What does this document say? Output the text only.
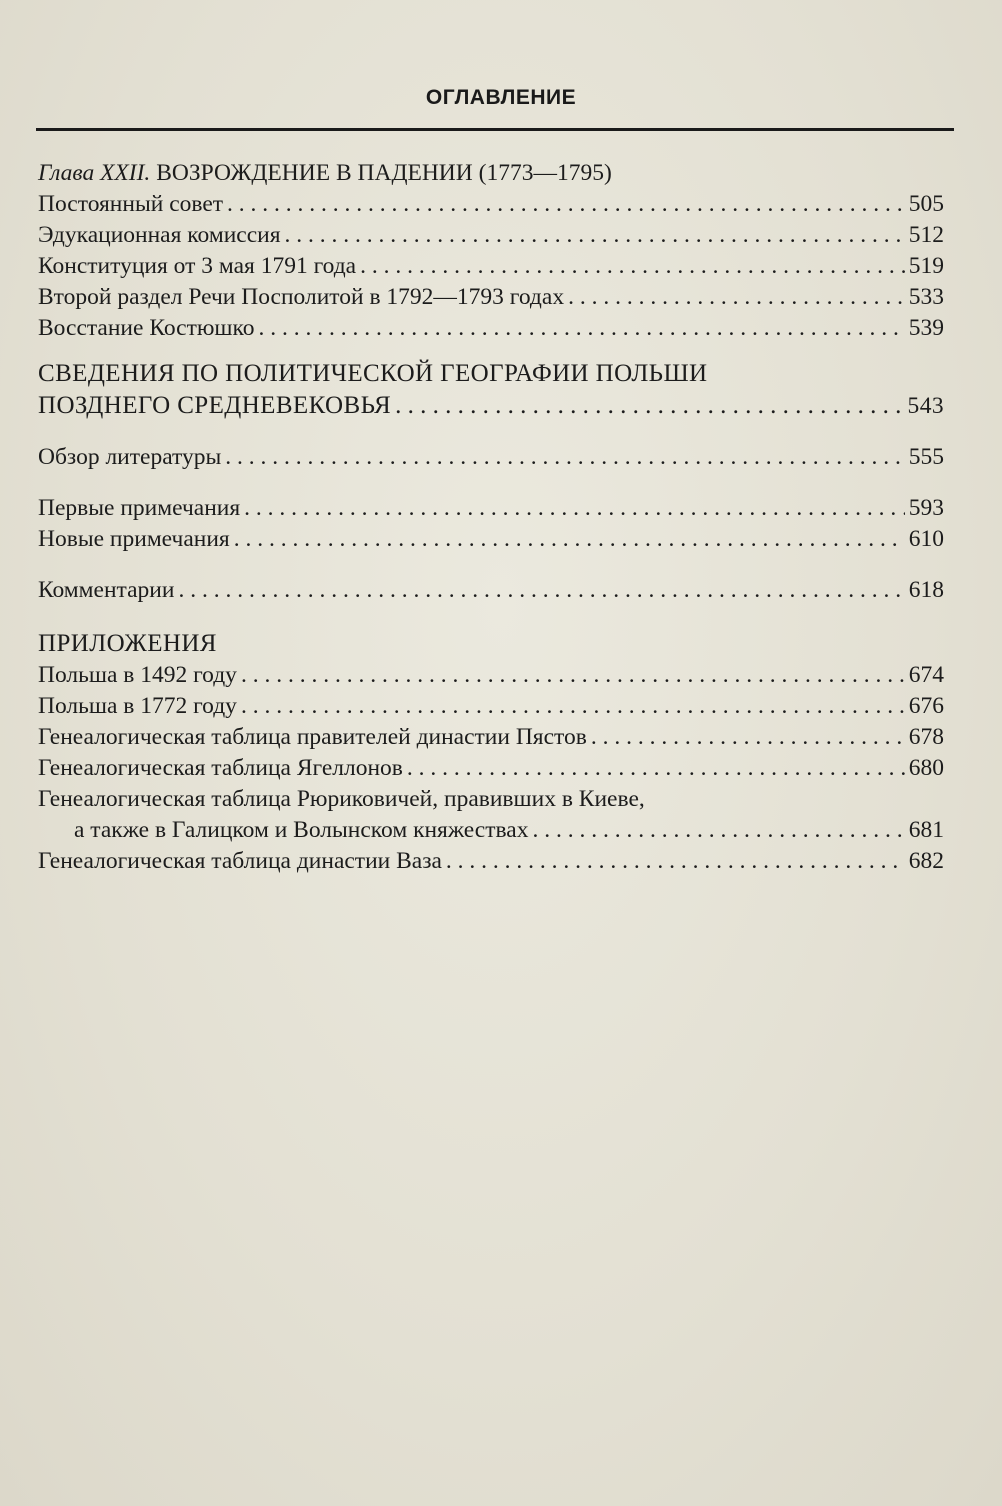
ОГЛАВЛЕНИЕ
Глава XXII. ВОЗРОЖДЕНИЕ В ПАДЕНИИ (1773—1795)
Постоянный совет . . .	505
Эдукационная комиссия . . .	512
Конституция от 3 мая 1791 года . . .	519
Второй раздел Речи Посполитой в 1792—1793 годах . . .	533
Восстание Костюшко . . .	539
СВЕДЕНИЯ ПО ПОЛИТИЧЕСКОЙ ГЕОГРАФИИ ПОЛЬШИ
ПОЗДНЕГО СРЕДНЕВЕКОВЬЯ . . .	543
Обзор литературы . . .	555
Первые примечания . . .	593
Новые примечания . . .	610
Комментарии . . .	618
ПРИЛОЖЕНИЯ
Польша в 1492 году . . .	674
Польша в 1772 году . . .	676
Генеалогическая таблица правителей династии Пястов . . .	678
Генеалогическая таблица Ягеллонов . . .	680
Генеалогическая таблица Рюриковичей, правивших в Киеве,
а также в Галицком и Волынском княжествах . . .	681
Генеалогическая таблица династии Ваза . . .	682
